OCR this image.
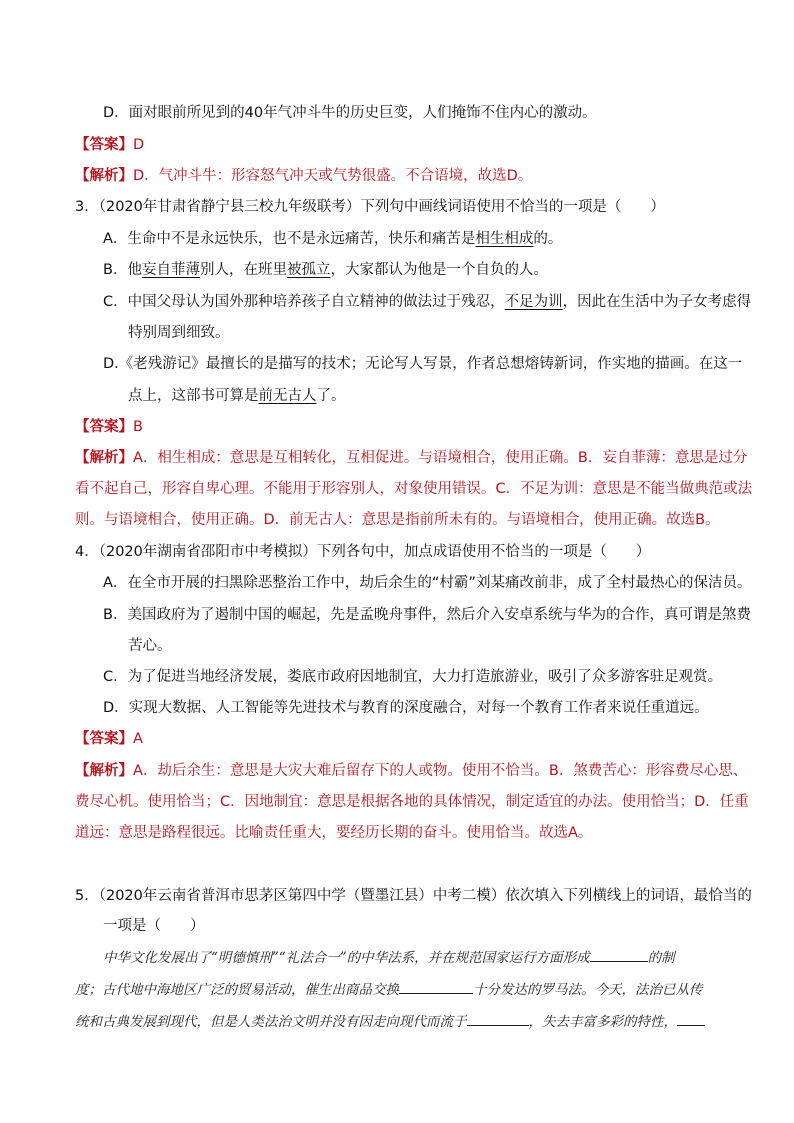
D．面对眼前所见到的40年气冲斗牛的历史巨变，人们掩饰不住内心的激动。
【答案】D
【解析】D．气冲斗牛：形容怒气冲天或气势很盛。不合语境，故选D。
3．（2020年甘肃省静宁县三校九年级联考）下列句中画线词语使用不恰当的一项是（　　）
A．生命中不是永远快乐，也不是永远痛苦，快乐和痛苦是相生相成的。
B．他妄自菲薄别人，在班里被孤立，大家都认为他是一个自负的人。
C．中国父母认为国外那种培养孩子自立精神的做法过于残忍，不足为训，因此在生活中为子女考虑得
特别周到细致。
D.《老残游记》最擅长的是描写的技术；无论写人写景，作者总想熔铸新词，作实地的描画。在这一
点上，这部书可算是前无古人了。
【答案】B
【解析】A．相生相成：意思是互相转化，互相促进。与语境相合，使用正确。B．妄自菲薄：意思是过分
看不起自己，形容自卑心理。不能用于形容别人，对象使用错误。C．不足为训：意思是不能当做典范或法
则。与语境相合，使用正确。D．前无古人：意思是指前所未有的。与语境相合，使用正确。故选B。
4．（2020年湖南省邵阳市中考模拟）下列各句中，加点成语使用不恰当的一项是（　　）
A．在全市开展的扫黑除恶整治工作中，劫后余生的“村霸”刘某痛改前非，成了全村最热心的保洁员。
B．美国政府为了遏制中国的崛起，先是孟晚舟事件，然后介入安卓系统与华为的合作，真可谓是煞费
苦心。
C．为了促进当地经济发展，娄底市政府因地制宜，大力打造旅游业，吸引了众多游客驻足观赏。
D．实现大数据、人工智能等先进技术与教育的深度融合，对每一个教育工作者来说任重道远。
【答案】A
【解析】A．劫后余生：意思是大灾大难后留存下的人或物。使用不恰当。B．煞费苦心：形容费尽心思、
费尽心机。使用恰当；C．因地制宜：意思是根据各地的具体情况，制定适宜的办法。使用恰当；D．任重
道远：意思是路程很远。比喻责任重大，要经历长期的奋斗。使用恰当。故选A。
5．（2020年云南省普洱市思茅区第四中学（暨墨江县）中考二模）依次填入下列横线上的词语，最恰当的
一项是（　　）
中华文化发展出了“明德慎刑”“礼法合一”的中华法系，并在规范国家运行方面形成	的制
度；古代地中海地区广泛的贸易活动，催生出商品交换	十分发达的罗马法。今天，法治已从传
统和古典发展到现代，但是人类法治文明并没有因走向现代而流于	，失去丰富多彩的特性，
